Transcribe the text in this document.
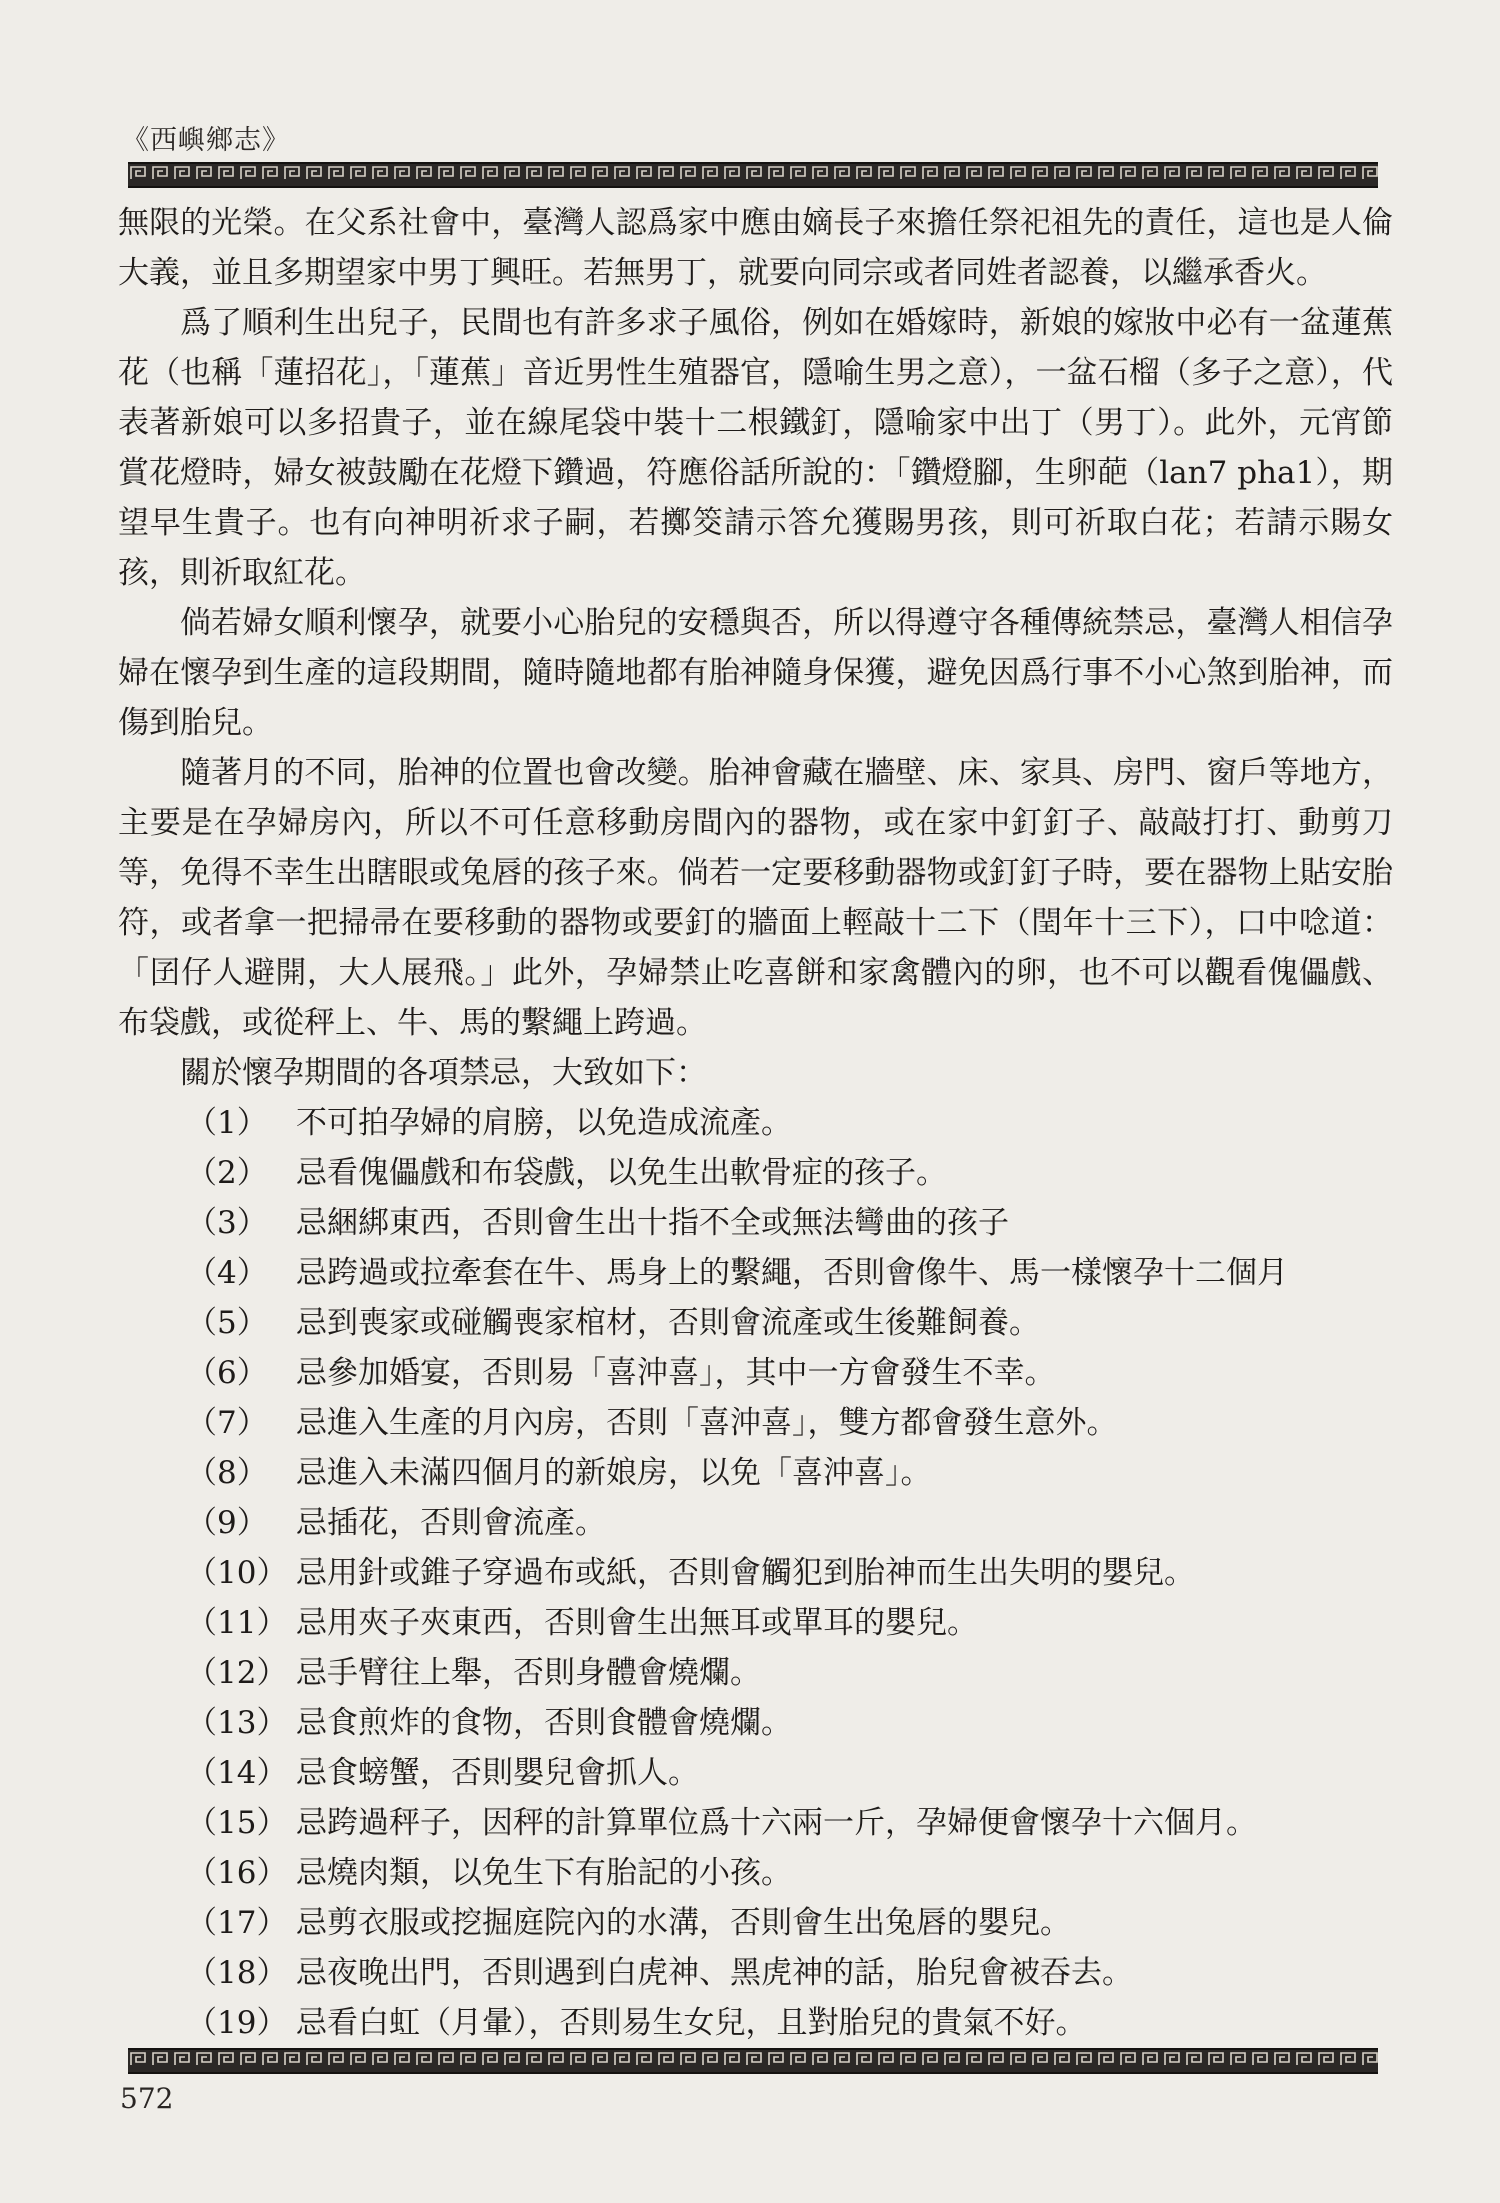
《西嶼鄉志》

無限的光榮。在父系社會中，臺灣人認爲家中應由嫡長子來擔任祭祀祖先的責任，這也是人倫大義，並且多期望家中男丁興旺。若無男丁，就要向同宗或者同姓者認養，以繼承香火。

爲了順利生出兒子，民間也有許多求子風俗，例如在婚嫁時，新娘的嫁妝中必有一盆蓮蕉花（也稱「蓮招花」，「蓮蕉」音近男性生殖器官，隱喻生男之意），一盆石榴（多子之意），代表著新娘可以多招貴子，並在線尾袋中裝十二根鐵釘，隱喻家中出丁（男丁）。此外，元宵節賞花燈時，婦女被鼓勵在花燈下鑽過，符應俗話所說的：「鑽燈腳，生卵葩（lan7 pha1），期望早生貴子。也有向神明祈求子嗣，若擲筊請示答允獲賜男孩，則可祈取白花；若請示賜女孩，則祈取紅花。

倘若婦女順利懷孕，就要小心胎兒的安穩與否，所以得遵守各種傳統禁忌，臺灣人相信孕婦在懷孕到生產的這段期間，隨時隨地都有胎神隨身保獲，避免因爲行事不小心煞到胎神，而傷到胎兒。

隨著月的不同，胎神的位置也會改變。胎神會藏在牆壁、床、家具、房門、窗戶等地方，主要是在孕婦房內，所以不可任意移動房間內的器物，或在家中釘釘子、敲敲打打、動剪刀等，免得不幸生出瞎眼或兔唇的孩子來。倘若一定要移動器物或釘釘子時，要在器物上貼安胎符，或者拿一把掃帚在要移動的器物或要釘的牆面上輕敲十二下（閏年十三下），口中唸道：「囝仔人避開，大人展飛。」此外，孕婦禁止吃喜餅和家禽體內的卵，也不可以觀看傀儡戲、布袋戲，或從秤上、牛、馬的繫繩上跨過。

關於懷孕期間的各項禁忌，大致如下：

（1） 不可拍孕婦的肩膀，以免造成流產。
（2） 忌看傀儡戲和布袋戲，以免生出軟骨症的孩子。
（3） 忌綑綁東西，否則會生出十指不全或無法彎曲的孩子
（4） 忌跨過或拉牽套在牛、馬身上的繫繩，否則會像牛、馬一樣懷孕十二個月
（5） 忌到喪家或碰觸喪家棺材，否則會流產或生後難飼養。
（6） 忌參加婚宴，否則易「喜沖喜」，其中一方會發生不幸。
（7） 忌進入生產的月內房，否則「喜沖喜」，雙方都會發生意外。
（8） 忌進入未滿四個月的新娘房，以免「喜沖喜」。
（9） 忌插花，否則會流產。
（10） 忌用針或錐子穿過布或紙，否則會觸犯到胎神而生出失明的嬰兒。
（11） 忌用夾子夾東西，否則會生出無耳或單耳的嬰兒。
（12） 忌手臂往上舉，否則身體會燒爛。
（13） 忌食煎炸的食物，否則食體會燒爛。
（14） 忌食螃蟹，否則嬰兒會抓人。
（15） 忌跨過秤子，因秤的計算單位爲十六兩一斤，孕婦便會懷孕十六個月。
（16） 忌燒肉類，以免生下有胎記的小孩。
（17） 忌剪衣服或挖掘庭院內的水溝，否則會生出兔唇的嬰兒。
（18） 忌夜晚出門，否則遇到白虎神、黑虎神的話，胎兒會被吞去。
（19） 忌看白虹（月暈），否則易生女兒，且對胎兒的貴氣不好。
572
